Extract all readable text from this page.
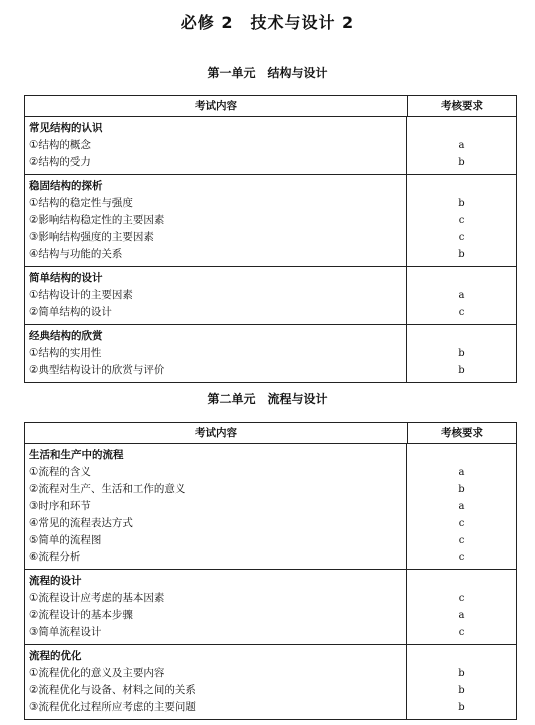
必修 2　技术与设计 2
第一单元　结构与设计
考试内容	考核要求
常见结构的认识
①结构的概念
②结构的受力
a
b
稳固结构的探析
①结构的稳定性与强度
②影响结构稳定性的主要因素
③影响结构强度的主要因素
④结构与功能的关系
b
c
c
b
简单结构的设计
①结构设计的主要因素
②简单结构的设计
a
c
经典结构的欣赏
①结构的实用性
②典型结构设计的欣赏与评价
b
b
第二单元　流程与设计
考试内容	考核要求
生活和生产中的流程
①流程的含义
②流程对生产、生活和工作的意义
③时序和环节
④常见的流程表达方式
⑤简单的流程图
⑥流程分析
a
b
a
c
c
c
流程的设计
①流程设计应考虑的基本因素
②流程设计的基本步骤
③简单流程设计
c
a
c
流程的优化
①流程优化的意义及主要内容
②流程优化与设备、材料之间的关系
③流程优化过程所应考虑的主要问题
b
b
b
